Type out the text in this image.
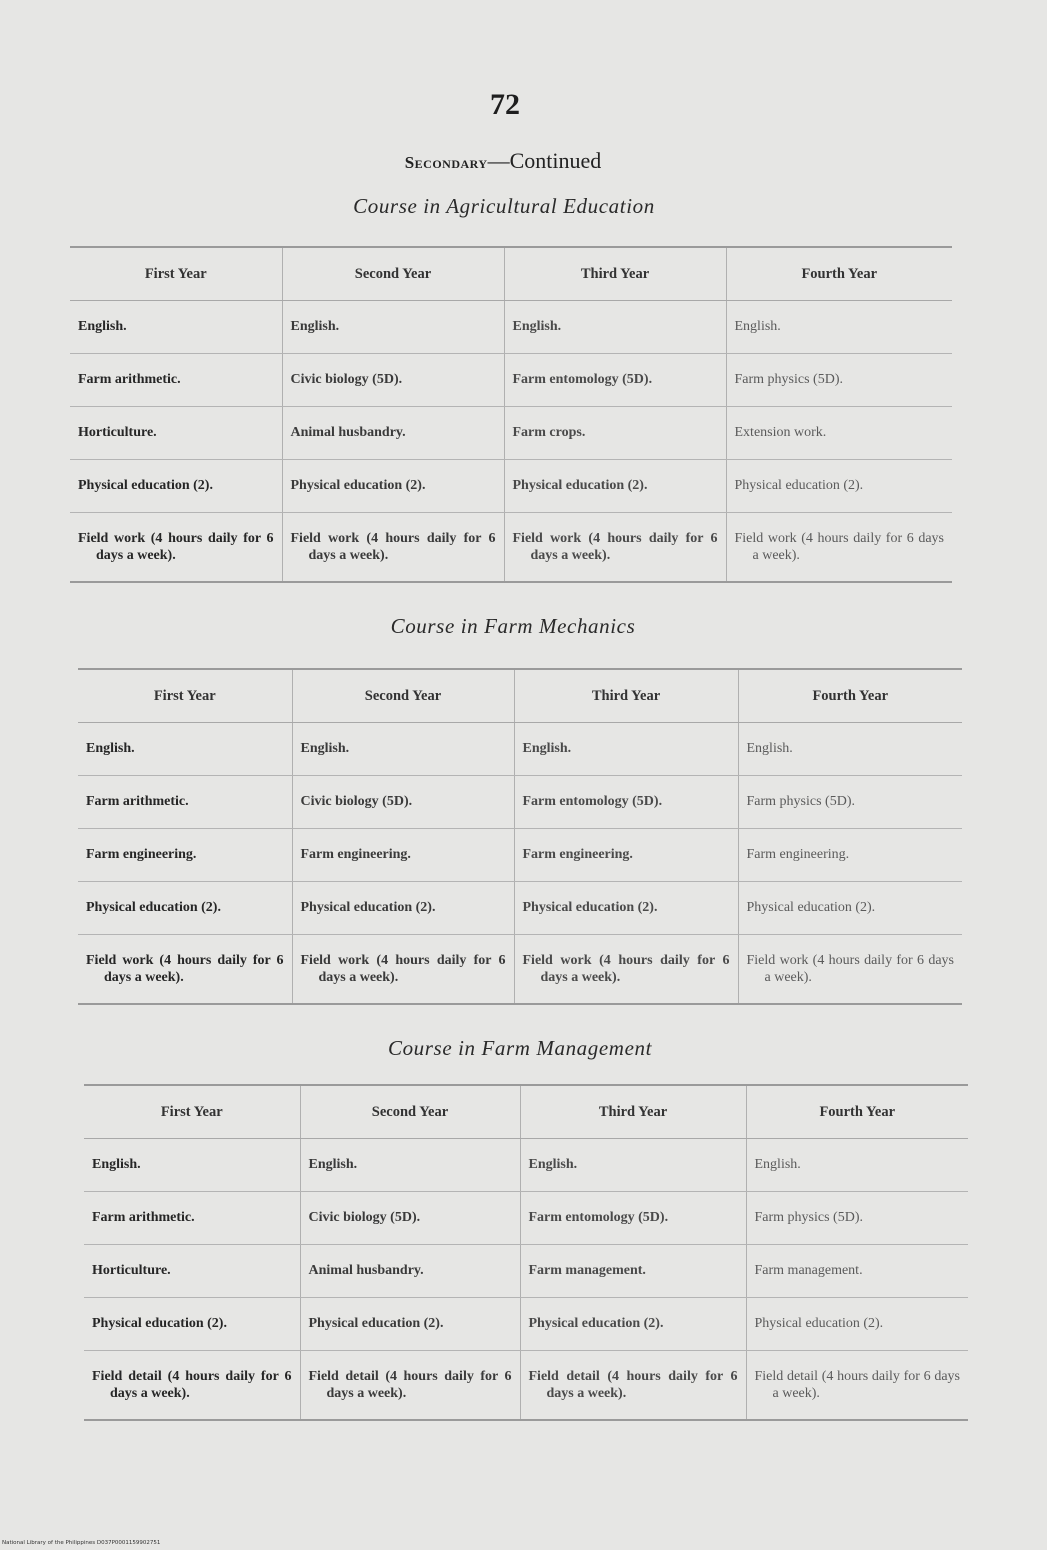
72
Secondary—Continued
Course in Agricultural Education
First Year	Second Year	Third Year	Fourth Year
English.	English.	English.	English.
Farm arithmetic.	Civic biology (5D).	Farm entomology (5D).	Farm physics (5D).
Horticulture.	Animal husbandry.	Farm crops.	Extension work.
Physical education (2).	Physical education (2).	Physical education (2).	Physical education (2).

Field work (4 hours daily for 6 days a week).	Field work (4 hours daily for 6 days a week).	Field work (4 hours daily for 6 days a week).	Field work (4 hours daily for 6 days a week).
Course in Farm Mechanics
First Year	Second Year	Third Year	Fourth Year
English.	English.	English.	English.
Farm arithmetic.	Civic biology (5D).	Farm entomology (5D).	Farm physics (5D).
Farm engineering.	Farm engineering.	Farm engineering.	Farm engineering.
Physical education (2).	Physical education (2).	Physical education (2).	Physical education (2).

Field work (4 hours daily for 6 days a week).	Field work (4 hours daily for 6 days a week).	Field work (4 hours daily for 6 days a week).	Field work (4 hours daily for 6 days a week).
Course in Farm Management
First Year	Second Year	Third Year	Fourth Year
English.	English.	English.	English.
Farm arithmetic.	Civic biology (5D).	Farm entomology (5D).	Farm physics (5D).
Horticulture.	Animal husbandry.	Farm management.	Farm management.
Physical education (2).	Physical education (2).	Physical education (2).	Physical education (2).

Field detail (4 hours daily for 6 days a week).	Field detail (4 hours daily for 6 days a week).	Field detail (4 hours daily for 6 days a week).	Field detail (4 hours daily for 6 days a week).
National Library of the Philippines D037P0001159902751
